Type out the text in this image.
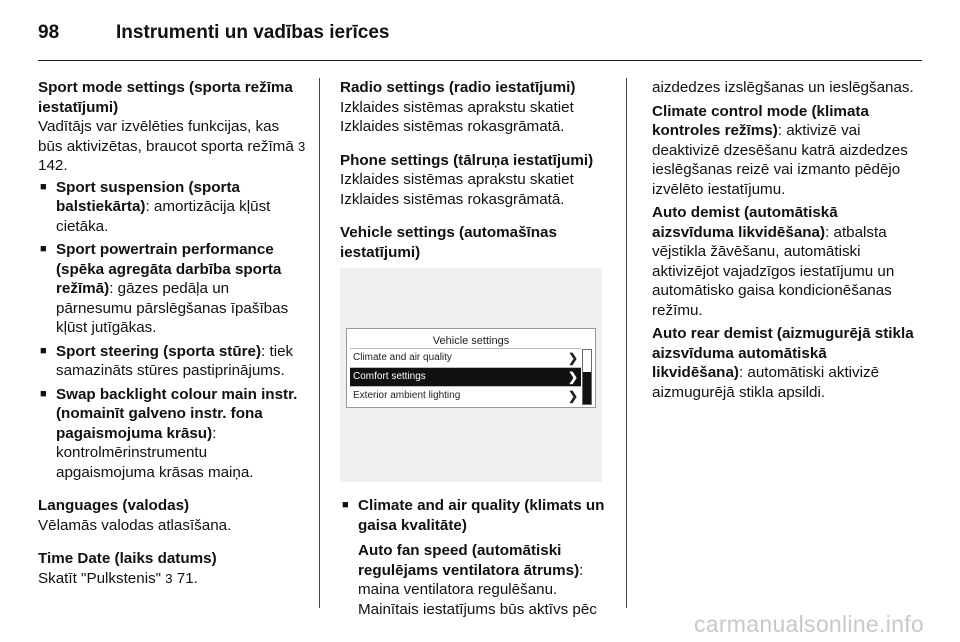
98	Instrumenti un vadības ierīces
Sport mode settings (sporta režīma iestatījumi)
Vadītājs var izvēlēties funkcijas, kas būs aktivizētas, braucot sporta režīmā 3 142.
■ Sport suspension (sporta balstiekārta): amortizācija kļūst cietāka.
■ Sport powertrain performance (spēka agregāta darbība sporta režīmā): gāzes pedāļa un pārnesumu pārslēgšanas īpašības kļūst jutīgākas.
■ Sport steering (sporta stūre): tiek samazināts stūres pastiprinājums.
■ Swap backlight colour main instr. (nomainīt galveno instr. fona pagaismojuma krāsu): kontrolmērinstrumentu apgaismojuma krāsas maiņa.
Languages (valodas)
Vēlamās valodas atlasīšana.
Time Date (laiks datums)
Skatīt "Pulkstenis" 3 71.
Radio settings (radio iestatījumi)
Izklaides sistēmas aprakstu skatiet Izklaides sistēmas rokasgrāmatā.
Phone settings (tālruņa iestatījumi)
Izklaides sistēmas aprakstu skatiet Izklaides sistēmas rokasgrāmatā.
Vehicle settings (automašīnas iestatījumi)
Vehicle settings
Climate and air quality	❯
Comfort settings	❯
Exterior ambient lighting	❯
■ Climate and air quality (klimats un gaisa kvalitāte)
Auto fan speed (automātiski regulējams ventilatora ātrums): maina ventilatora regulēšanu. Mainītais iestatījums būs aktīvs pēc
aizdedzes izslēgšanas un ieslēgšanas.
Climate control mode (klimata kontroles režīms): aktivizē vai deaktivizē dzesēšanu katrā aizdedzes ieslēgšanas reizē vai izmanto pēdējo izvēlēto iestatījumu.
Auto demist (automātiskā aizsvīduma likvidēšana): atbalsta vējstikla žāvēšanu, automātiski aktivizējot vajadzīgos iestatījumu un automātisko gaisa kondicionēšanas režīmu.
Auto rear demist (aizmugurējā stikla aizsvīduma automātiskā likvidēšana): automātiski aktivizē aizmugurējā stikla apsildi.
carmanualsonline.info
